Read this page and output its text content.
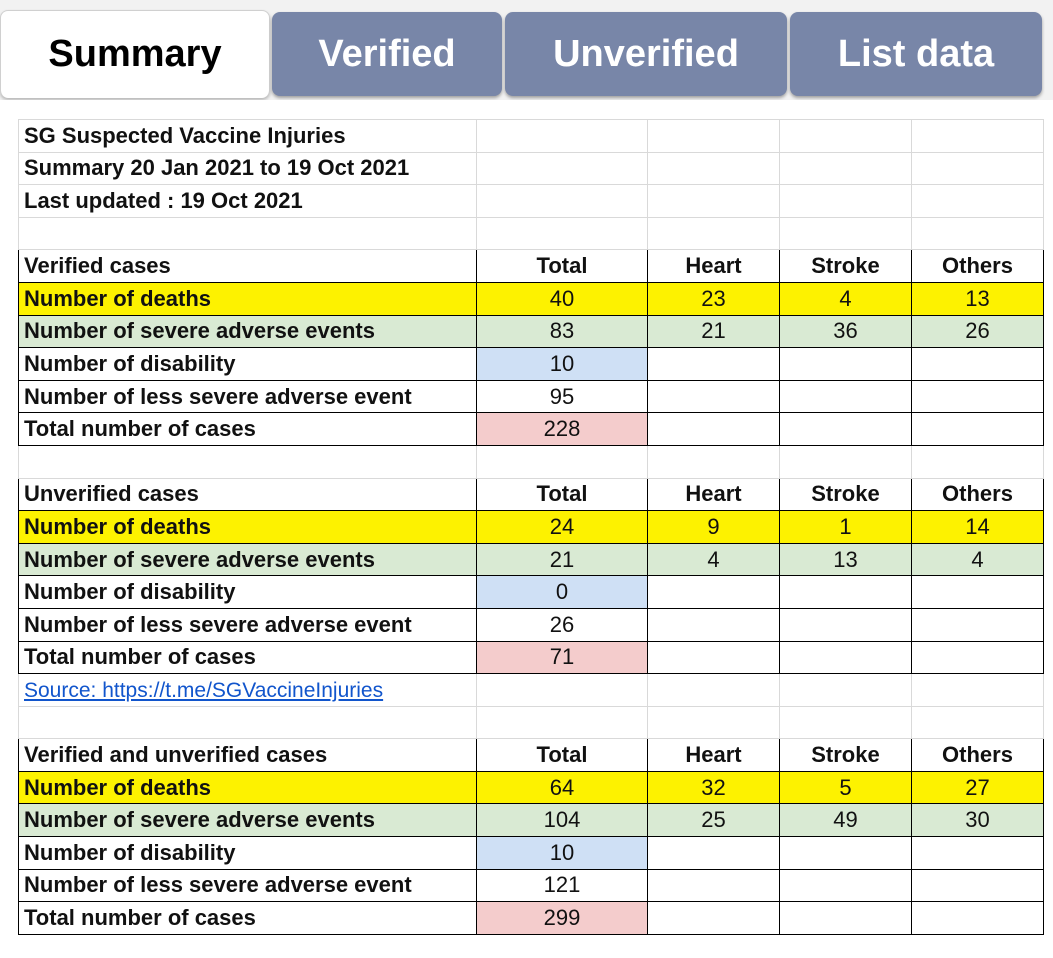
Summary	Verified	Unverified	List data
SG Suspected Vaccine Injuries				
Summary 20 Jan 2021 to 19 Oct 2021				
Last updated : 19 Oct 2021				

Verified cases	Total	Heart	Stroke	Others
Number of deaths	40	23	4	13
Number of severe adverse events	83	21	36	26
Number of disability	10			
Number of less severe adverse event	95			
Total number of cases	228			

Unverified cases	Total	Heart	Stroke	Others
Number of deaths	24	9	1	14
Number of severe adverse events	21	4	13	4
Number of disability	0			
Number of less severe adverse event	26			
Total number of cases	71			
Source: https://t.me/SGVaccineInjuries				

Verified and unverified cases	Total	Heart	Stroke	Others
Number of deaths	64	32	5	27
Number of severe adverse events	104	25	49	30
Number of disability	10			
Number of less severe adverse event	121			
Total number of cases	299			
